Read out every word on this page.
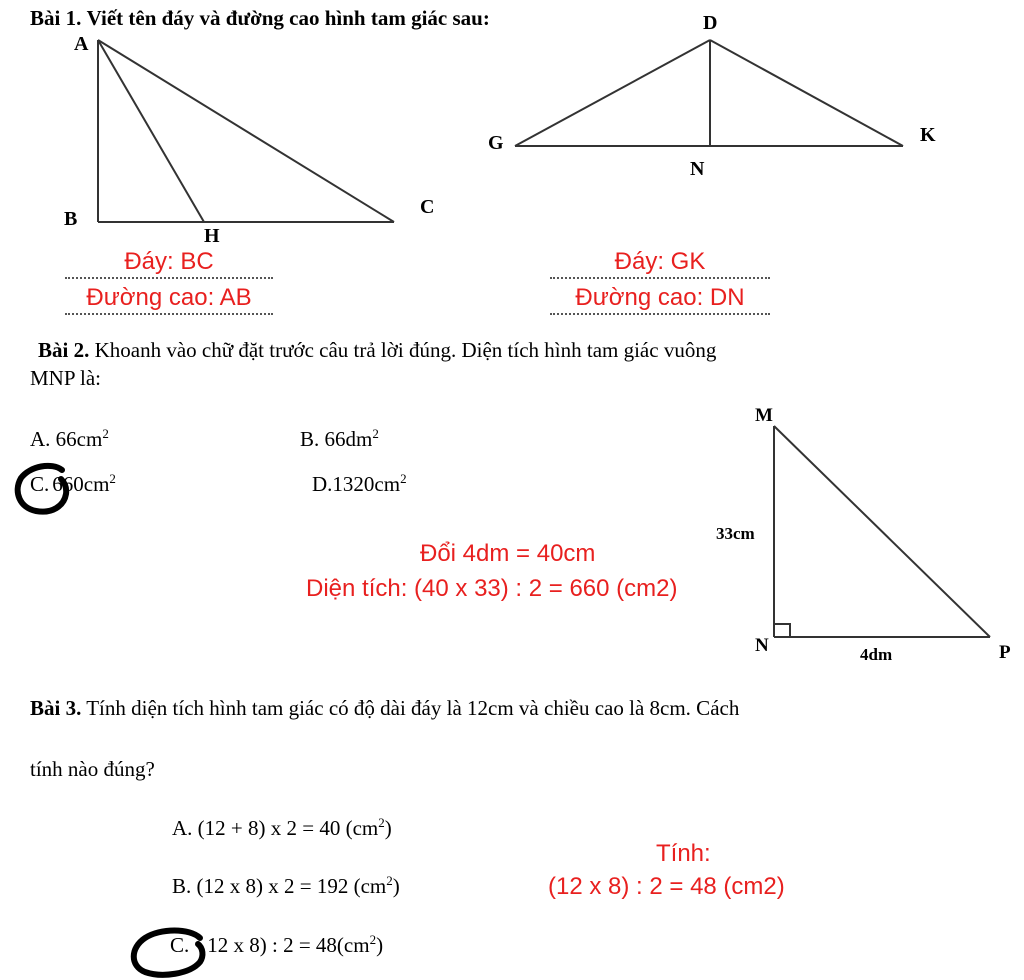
Bài 1. Viết tên đáy và đường cao hình tam giác sau:
A
B
C
H
D
G	K
N
Đáy: BC
Đường cao: AB
Đáy: GK
Đường cao: DN
Bài 2. Khoanh vào chữ đặt trước câu trả lời đúng. Diện tích hình tam giác vuông
MNP là:
A. $66cm^2$	B. $66dm^2$
C. $660cm^2$	$D.1320cm^2$
Đổi 4dm = 40cm
Diện tích: (40 x 33) : 2 = 660 (cm2)
M
N	P
33cm
4dm
Bài 3. Tính diện tích hình tam giác có độ dài đáy là 12cm và chiều cao là 8cm. Cách
tính nào đúng?
A. (12 + 8) x 2 = 40 $(cm^2)$
B. (12 x 8) x 2 = 192 $(cm^2)$
C. 12 x 8) : $2 = 48(cm^2)$
Tính:
(12 x 8) : 2 = 48 (cm2)
